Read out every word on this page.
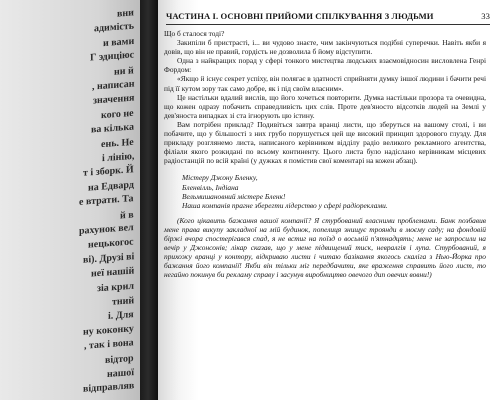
вни
адимість
и вами
Г эдиціюс
ни й
, написан
значення
кого не
ва кілька
ень. Не
і лінію,
т і зборк. Й
на Едвард
е втрати. Та
й в
рахунок вел
нецькогос
ві). Друзі ві
неї нашій
зіа крил
тний
і. Для
ну коконку
, так і вона
відтор
нашої
відправляв
ЧАСТИНА I. ОСНОВНІ ПРИЙОМИ СПІЛКУВАННЯ З ЛЮДЬМИ	33

Що б сталося тоді?

Закипіли б пристрасті, і... ви чудово знаєте, чим закінчуються подібні суперечки. Навіть якби я довів, що він не правий, гордість не дозволила б йому відступити.

Одна з найкращих порад у сфері тонкого мистецтва людських взаємовідносин висловлена Генрі Фордом:

«Якщо й існує секрет успіху, він полягає в здатності сприйняти думку іншої людини і бачити речі під її кутом зору так само добре, як і під своїм власним».

Це настільки вдалий вислів, що його хочеться повторити. Думка настільки прозора та очевидна, що кожен одразу побачить справедливість цих слів. Проте дев'яносто відсотків людей на Землі у дев'яноста випадках зі ста ігнорують цю істину.

Вам потрібен приклад? Подивіться завтра вранці листи, що зберуться на вашому столі, і ви побачите, що у більшості з них грубо порушується цей ще високий принцип здорового глузду. Для прикладу розглянемо листа, написаного керівником відділу радіо великого рекламного агентства, філіали якого розкидані по всьому континенту. Цього листа було надіслано керівникам місцевих радіостанцій по всій країні (у дужках я помістив свої коментарі на кожен абзац).

Містеру Джону Бленку,
Бленвілль, Індіана
Вельмишановний містере Бленк!
Наша компанія прагне зберегти лідерство у сфері радіореклами.

(Кого цікавить бажання вашої компанії? Я стурбований власними проблемами. Банк позбавив мене права викупу закладної на мій будинок, попелиця знищує троянди в моєму саду; на фондовій біржі вчора спостерігався спад, я не встиг на поїзд о восьмій п'ятнадцять; мене не запросили на вечір у Джонсонів; лікар сказав, що у мене підвищений тиск, невралгія і лупа. Стурбований, я прихожу вранці у контору, відкриваю листи і читаю базікання якогось скаліга з Нью-Йорка про бажання його компанії! Якби він тільки міг передбачити, яке враження справить його лист, то негайно покинув би рекламу справу і засунув виробництво овечого дип овечих вовни!)
